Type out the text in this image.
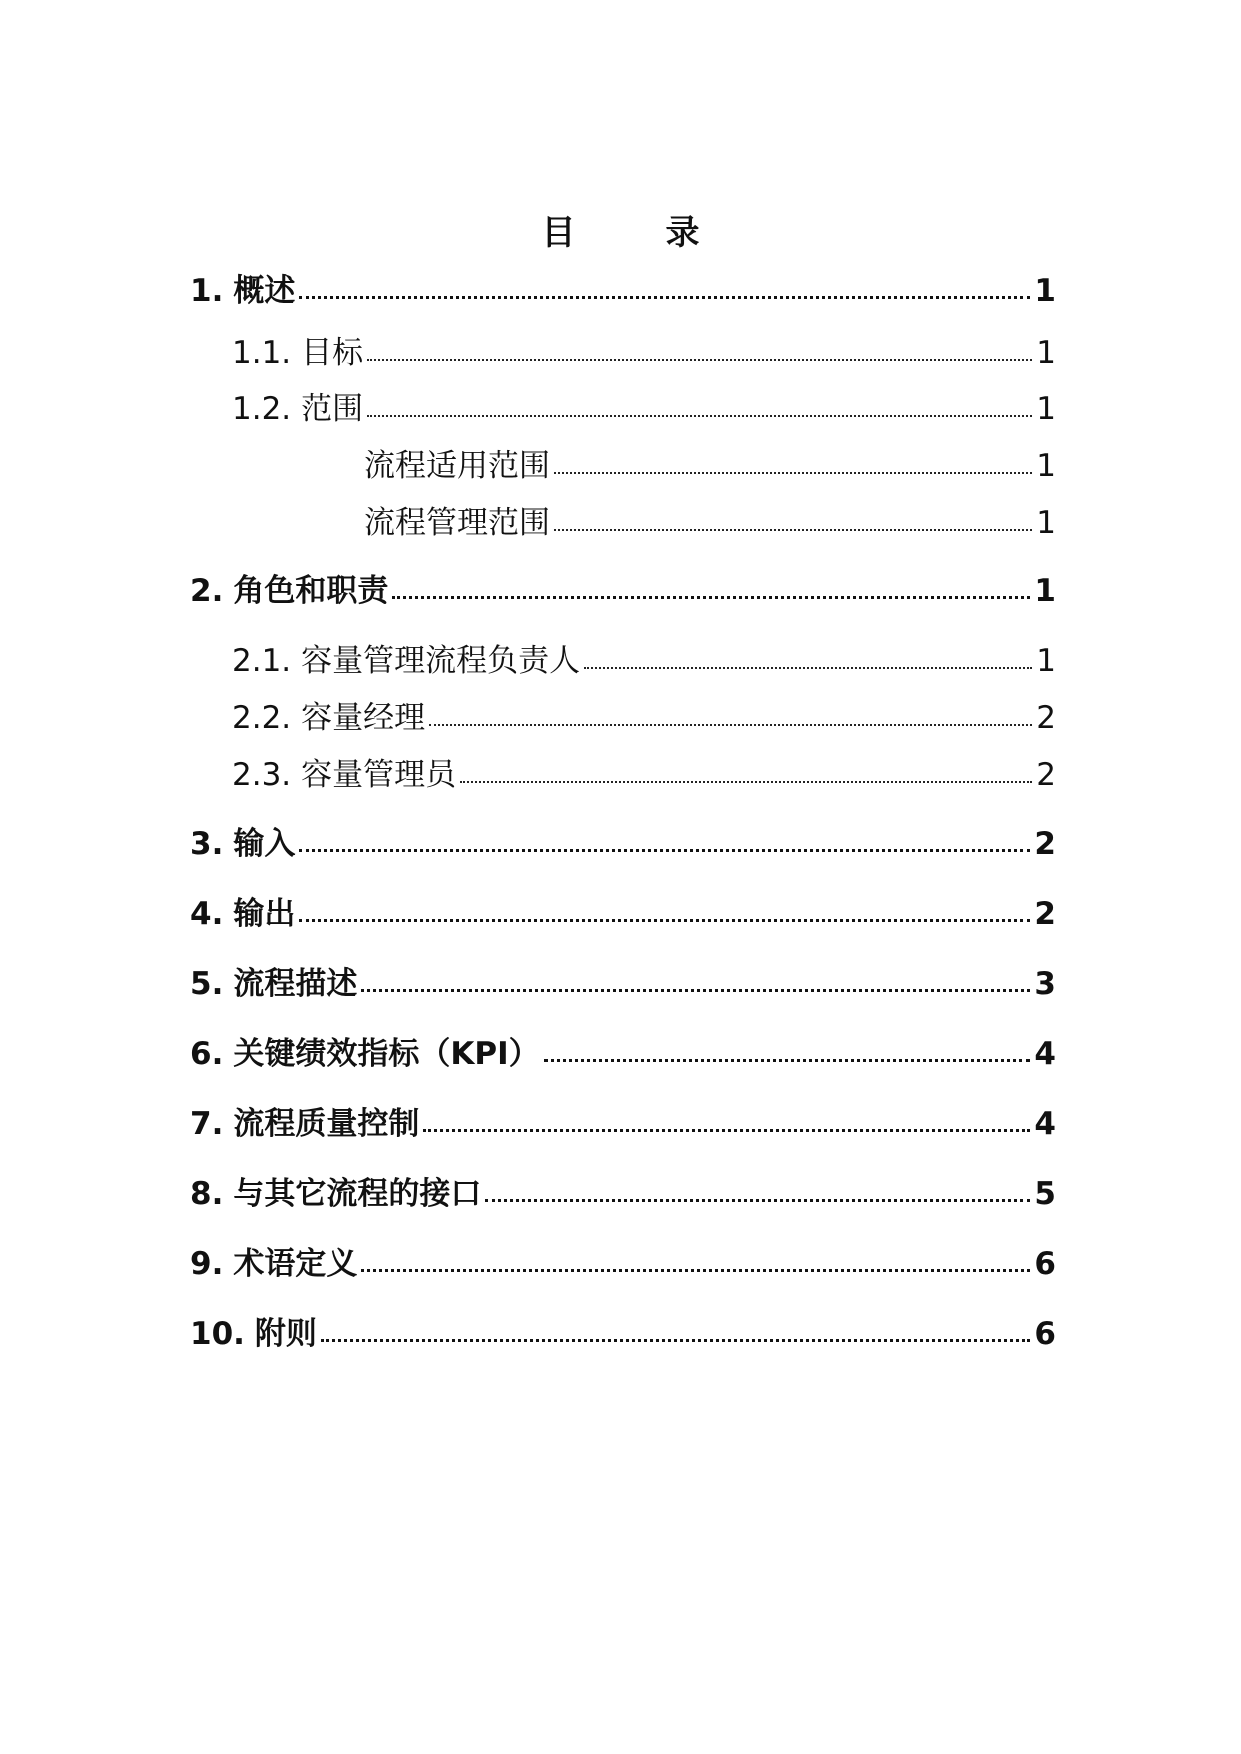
目　录
1. 概述	1
1.1. 目标	1
1.2. 范围	1
流程适用范围	1
流程管理范围	1
2. 角色和职责	1
2.1. 容量管理流程负责人	1
2.2. 容量经理	2
2.3. 容量管理员	2
3. 输入	2
4. 输出	2
5. 流程描述	3
6. 关键绩效指标（KPI）	4
7. 流程质量控制	4
8. 与其它流程的接口	5
9. 术语定义	6
10. 附则	6
